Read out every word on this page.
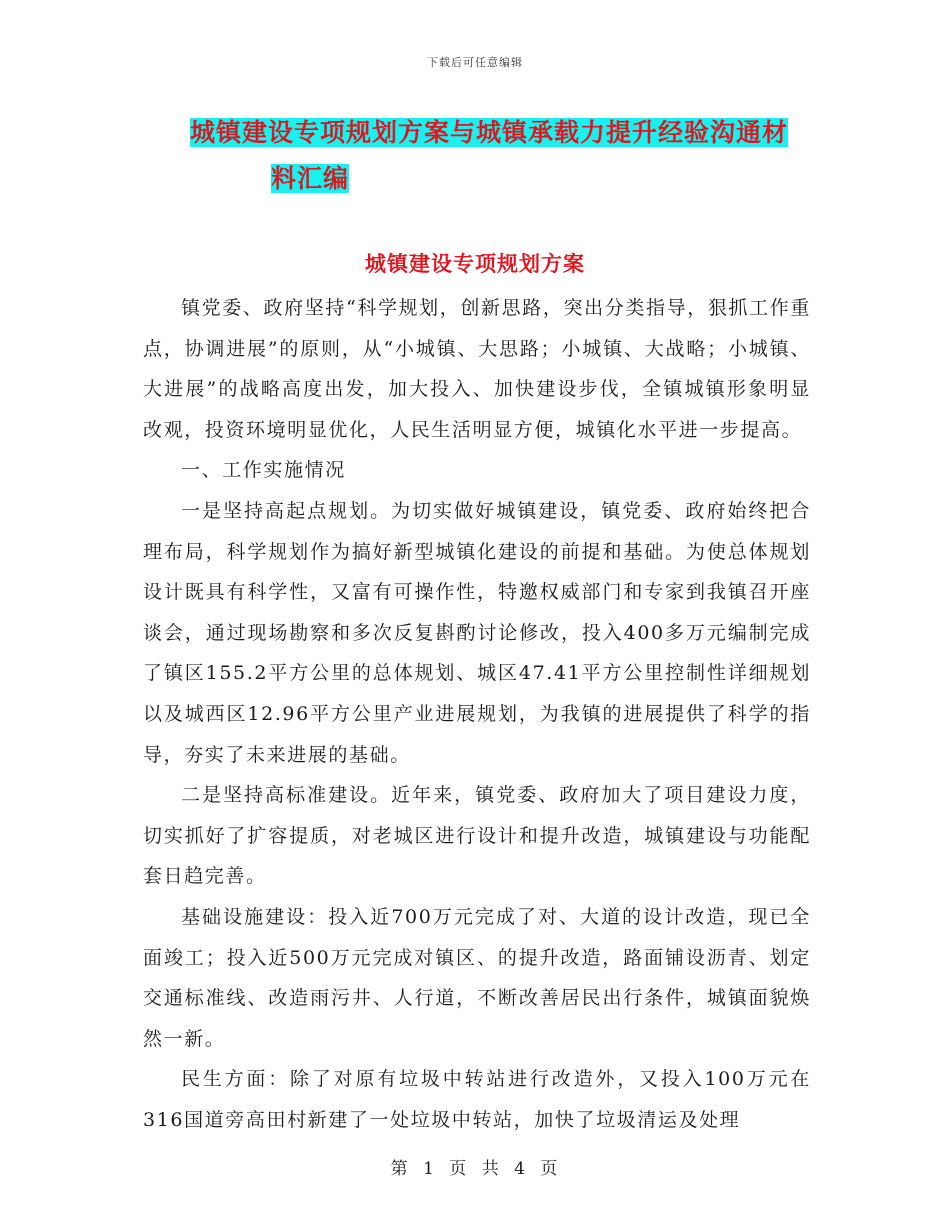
下载后可任意编辑
城镇建设专项规划方案与城镇承载力提升经验沟通材
料汇编
城镇建设专项规划方案

镇党委、政府坚持“科学规划，创新思路，突出分类指导，狠抓工作重点，协调进展”的原则，从“小城镇、大思路；小城镇、大战略；小城镇、大进展”的战略高度出发，加大投入、加快建设步伐，全镇城镇形象明显改观，投资环境明显优化，人民生活明显方便，城镇化水平进一步提高。

一、工作实施情况

一是坚持高起点规划。为切实做好城镇建设，镇党委、政府始终把合理布局，科学规划作为搞好新型城镇化建设的前提和基础。为使总体规划设计既具有科学性，又富有可操作性，特邀权威部门和专家到我镇召开座谈会，通过现场勘察和多次反复斟酌讨论修改，投入400多万元编制完成了镇区155.2平方公里的总体规划、城区47.41平方公里控制性详细规划以及城西区12.96平方公里产业进展规划，为我镇的进展提供了科学的指导，夯实了未来进展的基础。

二是坚持高标准建设。近年来，镇党委、政府加大了项目建设力度，切实抓好了扩容提质，对老城区进行设计和提升改造，城镇建设与功能配套日趋完善。

基础设施建设：投入近700万元完成了对、大道的设计改造，现已全面竣工；投入近500万元完成对镇区、的提升改造，路面铺设沥青、划定交通标准线、改造雨污井、人行道，不断改善居民出行条件，城镇面貌焕然一新。

民生方面：除了对原有垃圾中转站进行改造外，又投入100万元在316国道旁高田村新建了一处垃圾中转站，加快了垃圾清运及处理

第 1 页 共 4 页
